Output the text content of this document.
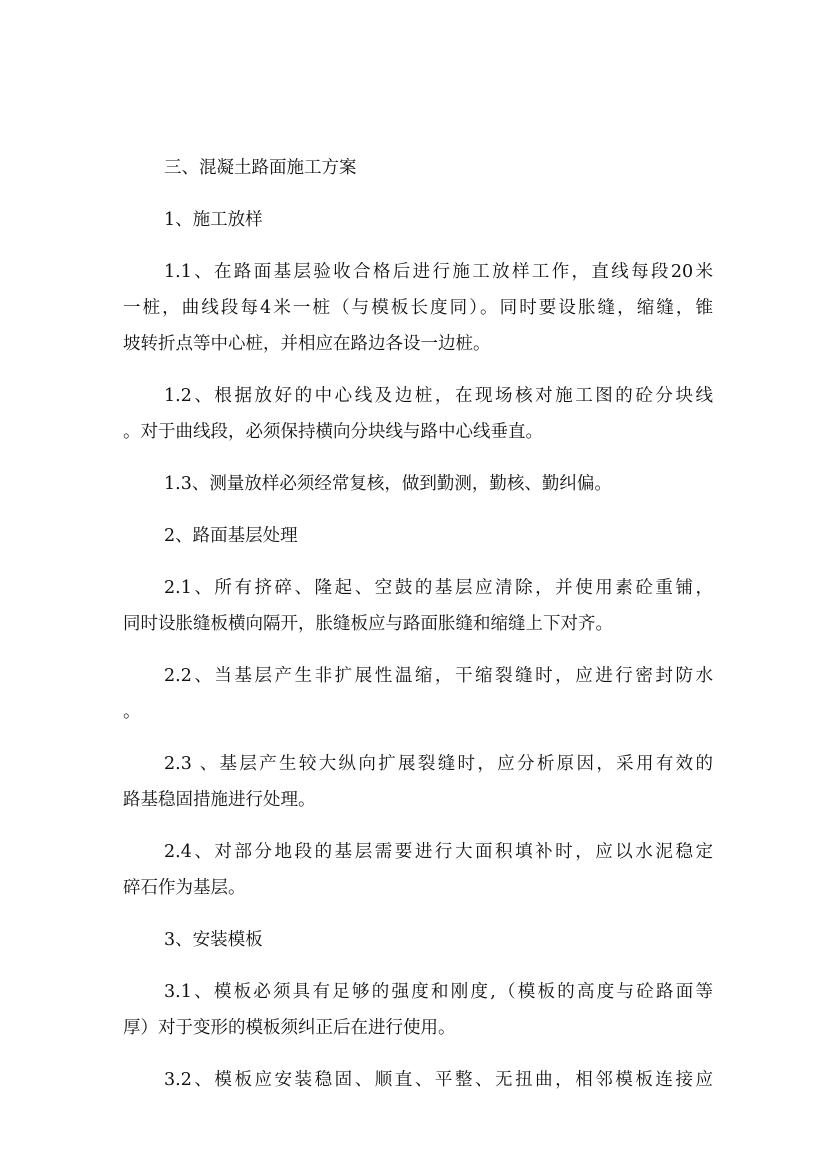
三、混凝土路面施工方案
1、施工放样
1.1、在路面基层验收合格后进行施工放样工作，直线每段20米
一桩，曲线段每4米一桩（与模板长度同）。同时要设胀缝，缩缝，锥
坡转折点等中心桩，并相应在路边各设一边桩。
1.2、根据放好的中心线及边桩，在现场核对施工图的砼分块线
。对于曲线段，必须保持横向分块线与路中心线垂直。
1.3、测量放样必须经常复核，做到勤测，勤核、勤纠偏。
2、路面基层处理
2.1、所有挤碎、隆起、空鼓的基层应清除，并使用素砼重铺，
同时设胀缝板横向隔开，胀缝板应与路面胀缝和缩缝上下对齐。
2.2、当基层产生非扩展性温缩，干缩裂缝时，应进行密封防水
。
2.3 、基层产生较大纵向扩展裂缝时，应分析原因，采用有效的
路基稳固措施进行处理。
2.4、对部分地段的基层需要进行大面积填补时，应以水泥稳定
碎石作为基层。
3、安装模板
3.1、模板必须具有足够的强度和刚度,（模板的高度与砼路面等
厚）对于变形的模板须纠正后在进行使用。
3.2、模板应安装稳固、顺直、平整、无扭曲，相邻模板连接应
